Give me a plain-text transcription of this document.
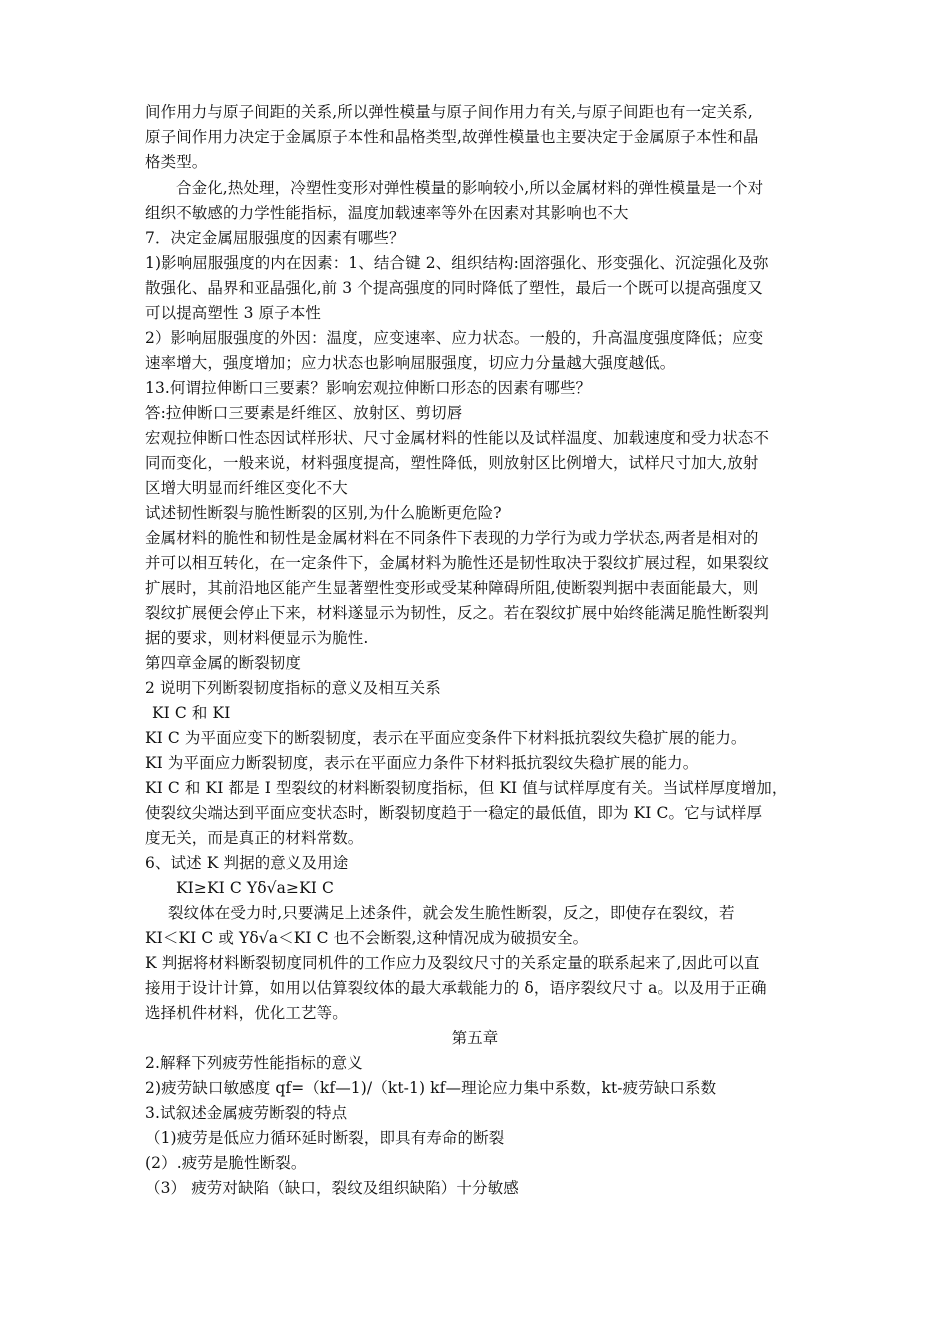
间作用力与原子间距的关系,所以弹性模量与原子间作用力有关,与原子间距也有一定关系,
原子间作用力决定于金属原子本性和晶格类型,故弹性模量也主要决定于金属原子本性和晶
格类型。
合金化,热处理，冷塑性变形对弹性模量的影响较小,所以金属材料的弹性模量是一个对
组织不敏感的力学性能指标，温度加载速率等外在因素对其影响也不大
7．决定金属屈服强度的因素有哪些？
1)影响屈服强度的内在因素：1、结合键 2、组织结构:固溶强化、形变强化、沉淀强化及弥
散强化、晶界和亚晶强化,前 3 个提高强度的同时降低了塑性，最后一个既可以提高强度又
可以提高塑性 3 原子本性
2）影响屈服强度的外因：温度，应变速率、应力状态。一般的，升高温度强度降低；应变
速率增大，强度增加；应力状态也影响屈服强度，切应力分量越大强度越低。
13.何谓拉伸断口三要素？影响宏观拉伸断口形态的因素有哪些？
答:拉伸断口三要素是纤维区、放射区、剪切唇
宏观拉伸断口性态因试样形状、尺寸金属材料的性能以及试样温度、加载速度和受力状态不
同而变化，一般来说，材料强度提高，塑性降低，则放射区比例增大，试样尺寸加大,放射
区增大明显而纤维区变化不大
试述韧性断裂与脆性断裂的区别,为什么脆断更危险?
金属材料的脆性和韧性是金属材料在不同条件下表现的力学行为或力学状态,两者是相对的
并可以相互转化，在一定条件下，金属材料为脆性还是韧性取决于裂纹扩展过程，如果裂纹
扩展时，其前沿地区能产生显著塑性变形或受某种障碍所阻,使断裂判据中表面能最大，则
裂纹扩展便会停止下来，材料遂显示为韧性，反之。若在裂纹扩展中始终能满足脆性断裂判
据的要求，则材料便显示为脆性.
第四章金属的断裂韧度
2 说明下列断裂韧度指标的意义及相互关系
KI C 和 KI
KI C 为平面应变下的断裂韧度，表示在平面应变条件下材料抵抗裂纹失稳扩展的能力。
KI 为平面应力断裂韧度，表示在平面应力条件下材料抵抗裂纹失稳扩展的能力。
KI C 和 KI 都是 I 型裂纹的材料断裂韧度指标，但 KI 值与试样厚度有关。当试样厚度增加，
使裂纹尖端达到平面应变状态时，断裂韧度趋于一稳定的最低值，即为 KI C。它与试样厚
度无关，而是真正的材料常数。
6、试述 K 判据的意义及用途
KI≥KI C Yδ√a≥KI C
裂纹体在受力时,只要满足上述条件，就会发生脆性断裂，反之，即使存在裂纹，若
KI＜KI C 或 Yδ√a＜KI C 也不会断裂,这种情况成为破损安全。
K 判据将材料断裂韧度同机件的工作应力及裂纹尺寸的关系定量的联系起来了,因此可以直
接用于设计计算，如用以估算裂纹体的最大承载能力的 δ，语序裂纹尺寸 a。以及用于正确
选择机件材料，优化工艺等。
第五章
2.解释下列疲劳性能指标的意义
2)疲劳缺口敏感度 qf=（kf—1)/（kt-1) kf—理论应力集中系数，kt-疲劳缺口系数
3.试叙述金属疲劳断裂的特点
（1)疲劳是低应力循环延时断裂，即具有寿命的断裂
(2）.疲劳是脆性断裂。
（3） 疲劳对缺陷（缺口，裂纹及组织缺陷）十分敏感
